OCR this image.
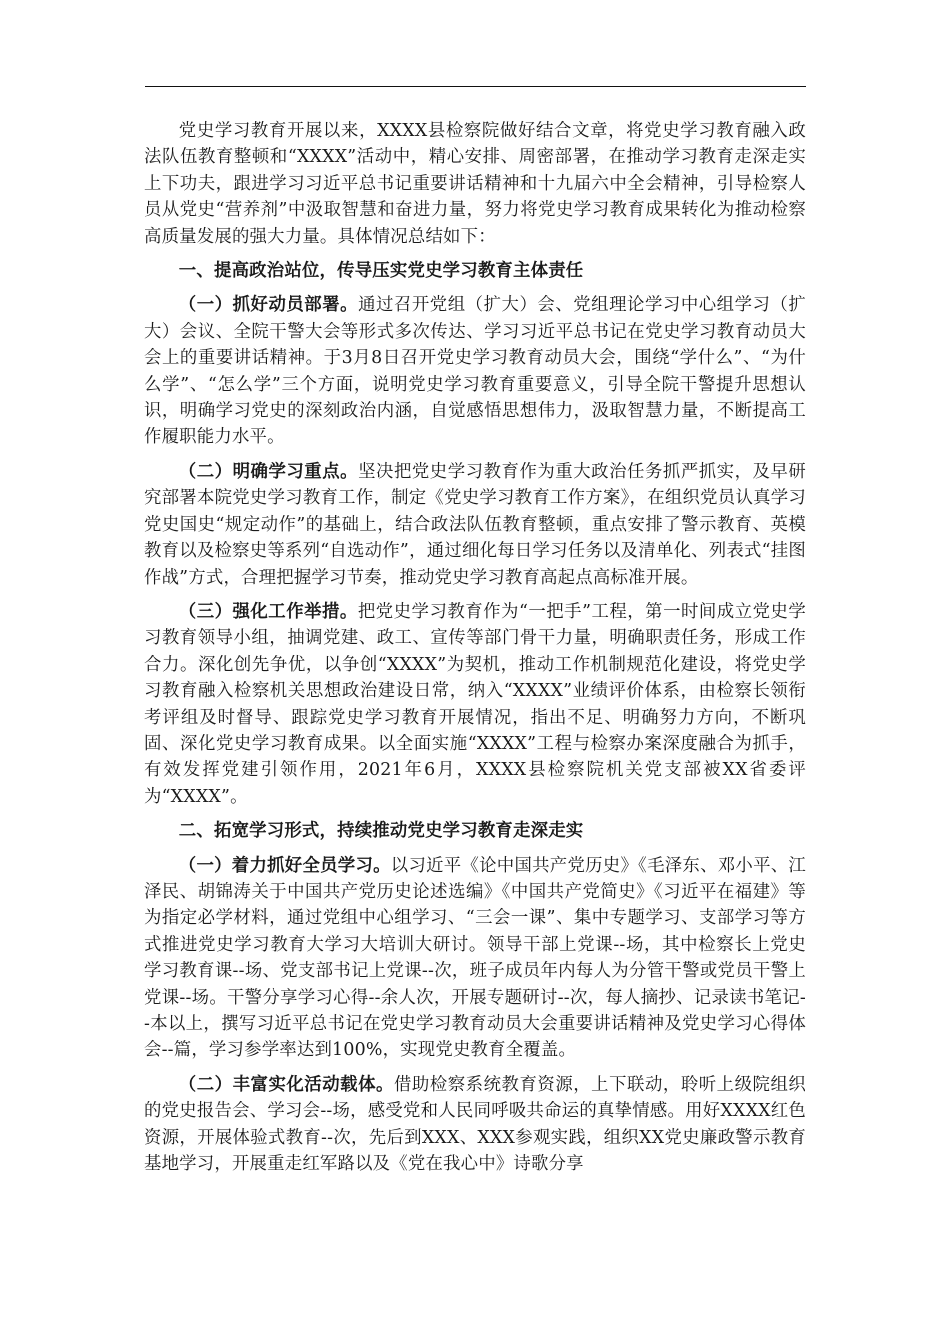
党史学习教育开展以来，XXXX县检察院做好结合文章，将党史学习教育融入政法队伍教育整顿和“XXXX”活动中，精心安排、周密部署，在推动学习教育走深走实上下功夫，跟进学习习近平总书记重要讲话精神和十九届六中全会精神，引导检察人员从党史“营养剂”中汲取智慧和奋进力量，努力将党史学习教育成果转化为推动检察高质量发展的强大力量。具体情况总结如下：

一、提高政治站位，传导压实党史学习教育主体责任

（一）抓好动员部署。通过召开党组（扩大）会、党组理论学习中心组学习（扩大）会议、全院干警大会等形式多次传达、学习习近平总书记在党史学习教育动员大会上的重要讲话精神。于3月8日召开党史学习教育动员大会，围绕“学什么”、“为什么学”、“怎么学”三个方面，说明党史学习教育重要意义，引导全院干警提升思想认识，明确学习党史的深刻政治内涵，自觉感悟思想伟力，汲取智慧力量，不断提高工作履职能力水平。

（二）明确学习重点。坚决把党史学习教育作为重大政治任务抓严抓实，及早研究部署本院党史学习教育工作，制定《党史学习教育工作方案》，在组织党员认真学习党史国史“规定动作”的基础上，结合政法队伍教育整顿，重点安排了警示教育、英模教育以及检察史等系列“自选动作”，通过细化每日学习任务以及清单化、列表式“挂图作战”方式，合理把握学习节奏，推动党史学习教育高起点高标准开展。

（三）强化工作举措。把党史学习教育作为“一把手”工程，第一时间成立党史学习教育领导小组，抽调党建、政工、宣传等部门骨干力量，明确职责任务，形成工作合力。深化创先争优，以争创“XXXX”为契机，推动工作机制规范化建设，将党史学习教育融入检察机关思想政治建设日常，纳入“XXXX”业绩评价体系，由检察长领衔考评组及时督导、跟踪党史学习教育开展情况，指出不足、明确努力方向，不断巩固、深化党史学习教育成果。以全面实施“XXXX”工程与检察办案深度融合为抓手，有效发挥党建引领作用，2021年6月，XXXX县检察院机关党支部被XX省委评为“XXXX”。

二、拓宽学习形式，持续推动党史学习教育走深走实

（一）着力抓好全员学习。以习近平《论中国共产党历史》《毛泽东、邓小平、江泽民、胡锦涛关于中国共产党历史论述选编》《中国共产党简史》《习近平在福建》等为指定必学材料，通过党组中心组学习、“三会一课”、集中专题学习、支部学习等方式推进党史学习教育大学习大培训大研讨。领导干部上党课--场，其中检察长上党史学习教育课--场、党支部书记上党课--次，班子成员年内每人为分管干警或党员干警上党课--场。干警分享学习心得--余人次，开展专题研讨--次，每人摘抄、记录读书笔记--本以上，撰写习近平总书记在党史学习教育动员大会重要讲话精神及党史学习心得体会--篇，学习参学率达到100%，实现党史教育全覆盖。

（二）丰富实化活动载体。借助检察系统教育资源，上下联动，聆听上级院组织的党史报告会、学习会--场，感受党和人民同呼吸共命运的真挚情感。用好XXXX红色资源，开展体验式教育--次，先后到XXX、XXX参观实践，组织XX党史廉政警示教育基地学习，开展重走红军路以及《党在我心中》诗歌分享
